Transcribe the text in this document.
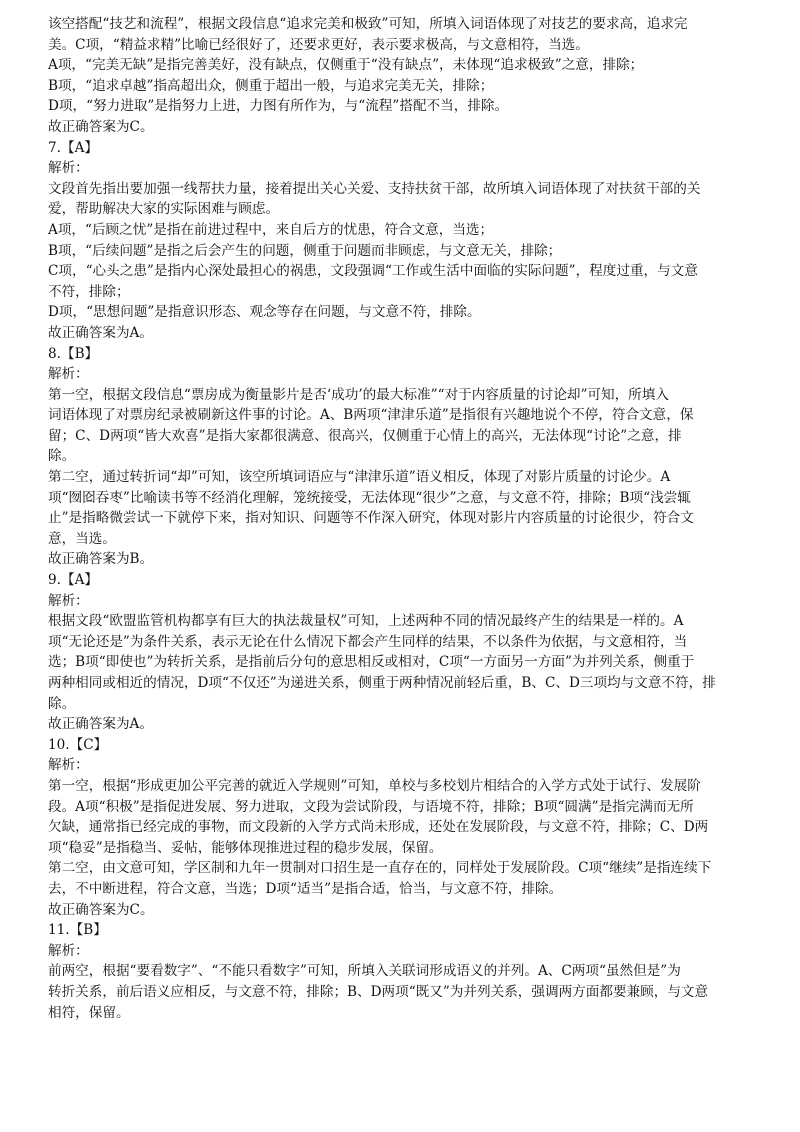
该空搭配“技艺和流程”，根据文段信息“追求完美和极致”可知，所填入词语体现了对技艺的要求高，追求完
美。C项，“精益求精”比喻已经很好了，还要求更好，表示要求极高，与文意相符，当选。
A项，“完美无缺”是指完善美好，没有缺点，仅侧重于“没有缺点”，未体现“追求极致”之意，排除；
B项，“追求卓越”指高超出众，侧重于超出一般，与追求完美无关，排除；
D项，“努力进取”是指努力上进，力图有所作为，与“流程”搭配不当，排除。
故正确答案为C。
7.【A】
解析：
文段首先指出要加强一线帮扶力量，接着提出关心关爱、支持扶贫干部，故所填入词语体现了对扶贫干部的关
爱，帮助解决大家的实际困难与顾虑。
A项，“后顾之忧”是指在前进过程中，来自后方的忧患，符合文意，当选；
B项，“后续问题”是指之后会产生的问题，侧重于问题而非顾虑，与文意无关，排除；
C项，“心头之患”是指内心深处最担心的祸患，文段强调“工作或生活中面临的实际问题”，程度过重，与文意
不符，排除；
D项，“思想问题”是指意识形态、观念等存在问题，与文意不符，排除。
故正确答案为A。
8.【B】
解析：
第一空，根据文段信息“票房成为衡量影片是否‘成功’的最大标准”“对于内容质量的讨论却”可知，所填入
词语体现了对票房纪录被刷新这件事的讨论。A、B两项“津津乐道”是指很有兴趣地说个不停，符合文意，保
留；C、D两项“皆大欢喜”是指大家都很满意、很高兴，仅侧重于心情上的高兴，无法体现“讨论”之意，排
除。
第二空，通过转折词“却”可知，该空所填词语应与“津津乐道”语义相反，体现了对影片质量的讨论少。A
项“囫囵吞枣”比喻读书等不经消化理解，笼统接受，无法体现“很少”之意，与文意不符，排除；B项“浅尝辄
止”是指略微尝试一下就停下来，指对知识、问题等不作深入研究，体现对影片内容质量的讨论很少，符合文
意，当选。
故正确答案为B。
9.【A】
解析：
根据文段“欧盟监管机构都享有巨大的执法裁量权”可知，上述两种不同的情况最终产生的结果是一样的。A
项“无论还是”为条件关系，表示无论在什么情况下都会产生同样的结果，不以条件为依据，与文意相符，当
选；B项“即使也”为转折关系，是指前后分句的意思相反或相对，C项“一方面另一方面”为并列关系，侧重于
两种相同或相近的情况，D项“不仅还”为递进关系，侧重于两种情况前轻后重，B、C、D三项均与文意不符，排
除。
故正确答案为A。
10.【C】
解析：
第一空，根据“形成更加公平完善的就近入学规则”可知，单校与多校划片相结合的入学方式处于试行、发展阶
段。A项“积极”是指促进发展、努力进取，文段为尝试阶段，与语境不符，排除；B项“圆满”是指完满而无所
欠缺，通常指已经完成的事物，而文段新的入学方式尚未形成，还处在发展阶段，与文意不符，排除；C、D两
项“稳妥”是指稳当、妥帖，能够体现推进过程的稳步发展，保留。
第二空，由文意可知，学区制和九年一贯制对口招生是一直存在的，同样处于发展阶段。C项“继续”是指连续下
去，不中断进程，符合文意，当选；D项“适当”是指合适，恰当，与文意不符，排除。
故正确答案为C。
11.【B】
解析：
前两空，根据“要看数字”、“不能只看数字”可知，所填入关联词形成语义的并列。A、C两项“虽然但是”为
转折关系，前后语义应相反，与文意不符，排除；B、D两项“既又”为并列关系，强调两方面都要兼顾，与文意
相符，保留。
